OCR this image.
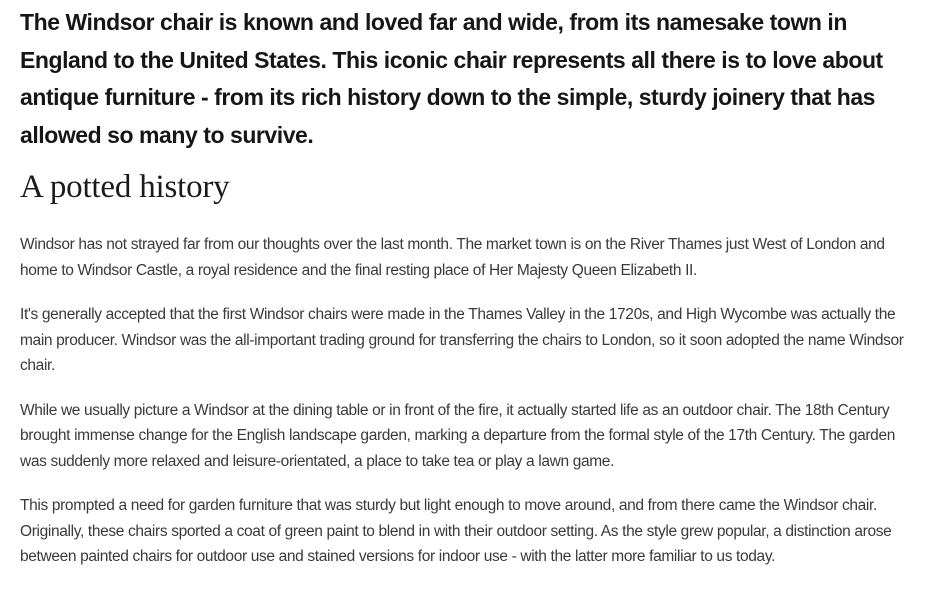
The Windsor chair is known and loved far and wide, from its namesake town in England to the United States. This iconic chair represents all there is to love about antique furniture - from its rich history down to the simple, sturdy joinery that has allowed so many to survive.

A potted history

Windsor has not strayed far from our thoughts over the last month. The market town is on the River Thames just West of London and home to Windsor Castle, a royal residence and the final resting place of Her Majesty Queen Elizabeth II.

It's generally accepted that the first Windsor chairs were made in the Thames Valley in the 1720s, and High Wycombe was actually the main producer. Windsor was the all-important trading ground for transferring the chairs to London, so it soon adopted the name Windsor chair.

While we usually picture a Windsor at the dining table or in front of the fire, it actually started life as an outdoor chair. The 18th Century brought immense change for the English landscape garden, marking a departure from the formal style of the 17th Century. The garden was suddenly more relaxed and leisure-orientated, a place to take tea or play a lawn game.

This prompted a need for garden furniture that was sturdy but light enough to move around, and from there came the Windsor chair. Originally, these chairs sported a coat of green paint to blend in with their outdoor setting. As the style grew popular, a distinction arose between painted chairs for outdoor use and stained versions for indoor use - with the latter more familiar to us today.
